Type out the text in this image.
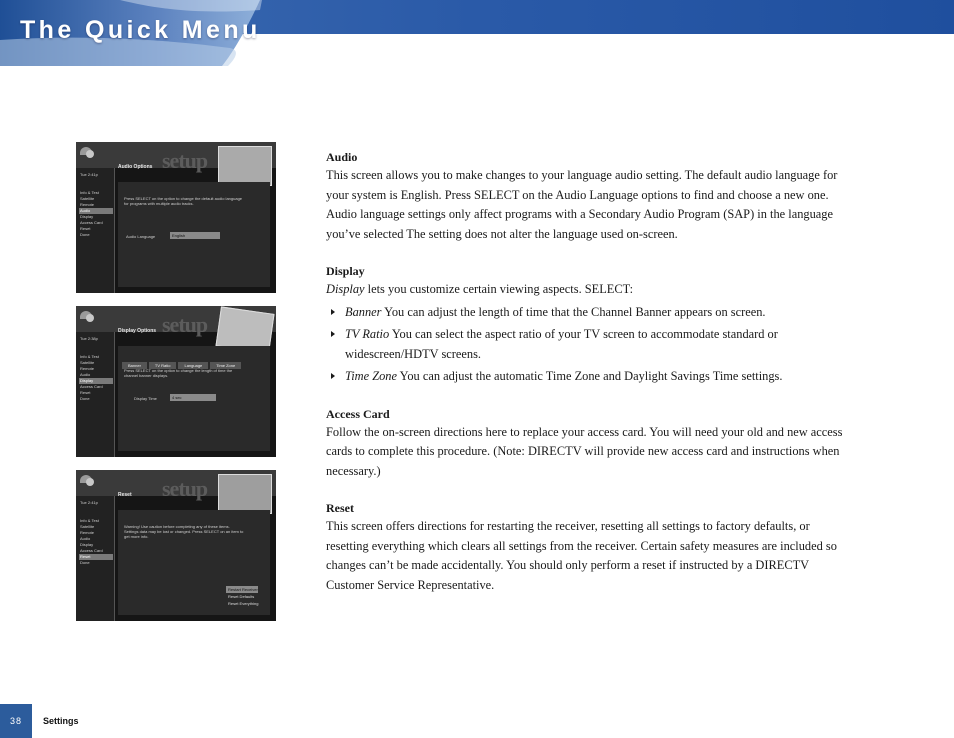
The Quick Menu
setup
Audio Options
Tue 2:41p
Info & Test
Satellite
Remote
Audio
Display
Access Card
Reset
Done
Press SELECT on the option to change the default audio language for programs with multiple audio tracks.
Audio Language	English
setup
Display Options
Tue 2:38p
Info & Test
Satellite
Remote
Audio
Display
Access Card
Reset
Done
Banner	TV Ratio	Language	Time Zone
Press SELECT on the option to change the length of time the channel banner displays.
Display Time	4 sec
setup
Reset
Tue 2:41p
Info & Test
Satellite
Remote
Audio
Display
Access Card
Reset
Done
Warning! Use caution before completing any of these items. Settings data may be lost or changed. Press SELECT on an item to get more info.
Restart Receiver
Reset Defaults
Reset Everything
Audio

This screen allows you to make changes to your language audio setting. The default audio language for your system is English. Press SELECT on the Audio Language options to find and choose a new one. Audio language settings only affect programs with a Secondary Audio Program (SAP) in the language you’ve selected The setting does not alter the language used on-screen.

Display

Display lets you customize certain viewing aspects. SELECT:

Banner You can adjust the length of time that the Channel Banner appears on screen.
TV Ratio You can select the aspect ratio of your TV screen to accommodate standard or widescreen/HDTV screens.
Time Zone You can adjust the automatic Time Zone and Daylight Savings Time settings.
Access Card

Follow the on-screen directions here to replace your access card. You will need your old and new access cards to complete this procedure. (Note: DIRECTV will provide new access card and instructions when necessary.)

Reset

This screen offers directions for restarting the receiver, resetting all settings to factory defaults, or resetting everything which clears all settings from the receiver. Certain safety measures are included so changes can’t be made accidentally. You should only perform a reset if instructed by a DIRECTV Customer Service Representative.

38	Settings
